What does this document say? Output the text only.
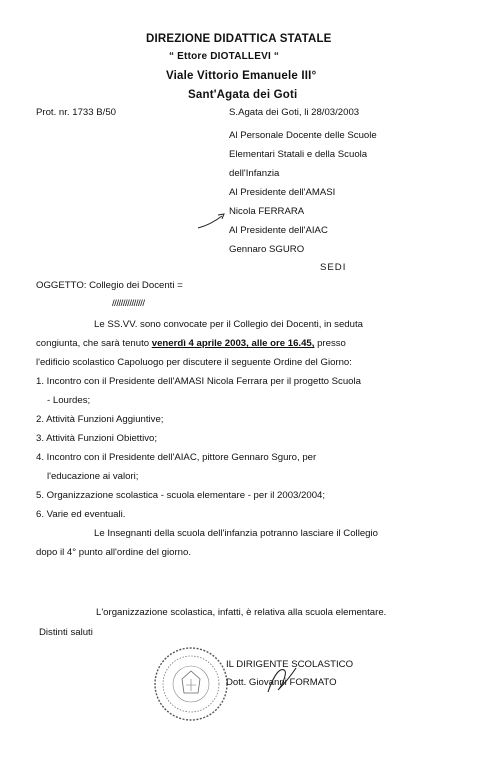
DIREZIONE DIDATTICA STATALE
“ Ettore DIOTALLEVI “
Viale Vittorio Emanuele III°
Sant'Agata dei Goti
Prot. nr. 1733 B/50	S.Agata dei Goti, li 28/03/2003
Al Personale Docente delle Scuole
Elementari Statali e della Scuola
dell'Infanzia
Al Presidente dell'AMASI
Nicola FERRARA
Al Presidente dell'AIAC
Gennaro SGURO
SEDI
OGGETTO: Collegio dei Docenti =
///////////////
Le SS.VV. sono convocate per il Collegio dei Docenti, in seduta
congiunta, che sarà tenuto venerdì 4 aprile 2003, alle ore 16.45, presso
l'edificio scolastico Capoluogo per discutere il seguente Ordine del Giorno:
1. Incontro con il Presidente dell'AMASI Nicola Ferrara per il progetto Scuola
- Lourdes;
2. Attività Funzioni Aggiuntive;
3. Attività Funzioni Obiettivo;
4. Incontro con il Presidente dell'AIAC, pittore Gennaro Sguro, per
l'educazione ai valori;
5. Organizzazione scolastica - scuola elementare - per il 2003/2004;
6. Varie ed eventuali.
Le Insegnanti della scuola dell'infanzia potranno lasciare il Collegio
dopo il 4° punto all'ordine del giorno.
L'organizzazione scolastica, infatti, è relativa alla scuola elementare.
Distinti saluti
IL DIRIGENTE SCOLASTICO
Dott. Giovanni FORMATO
